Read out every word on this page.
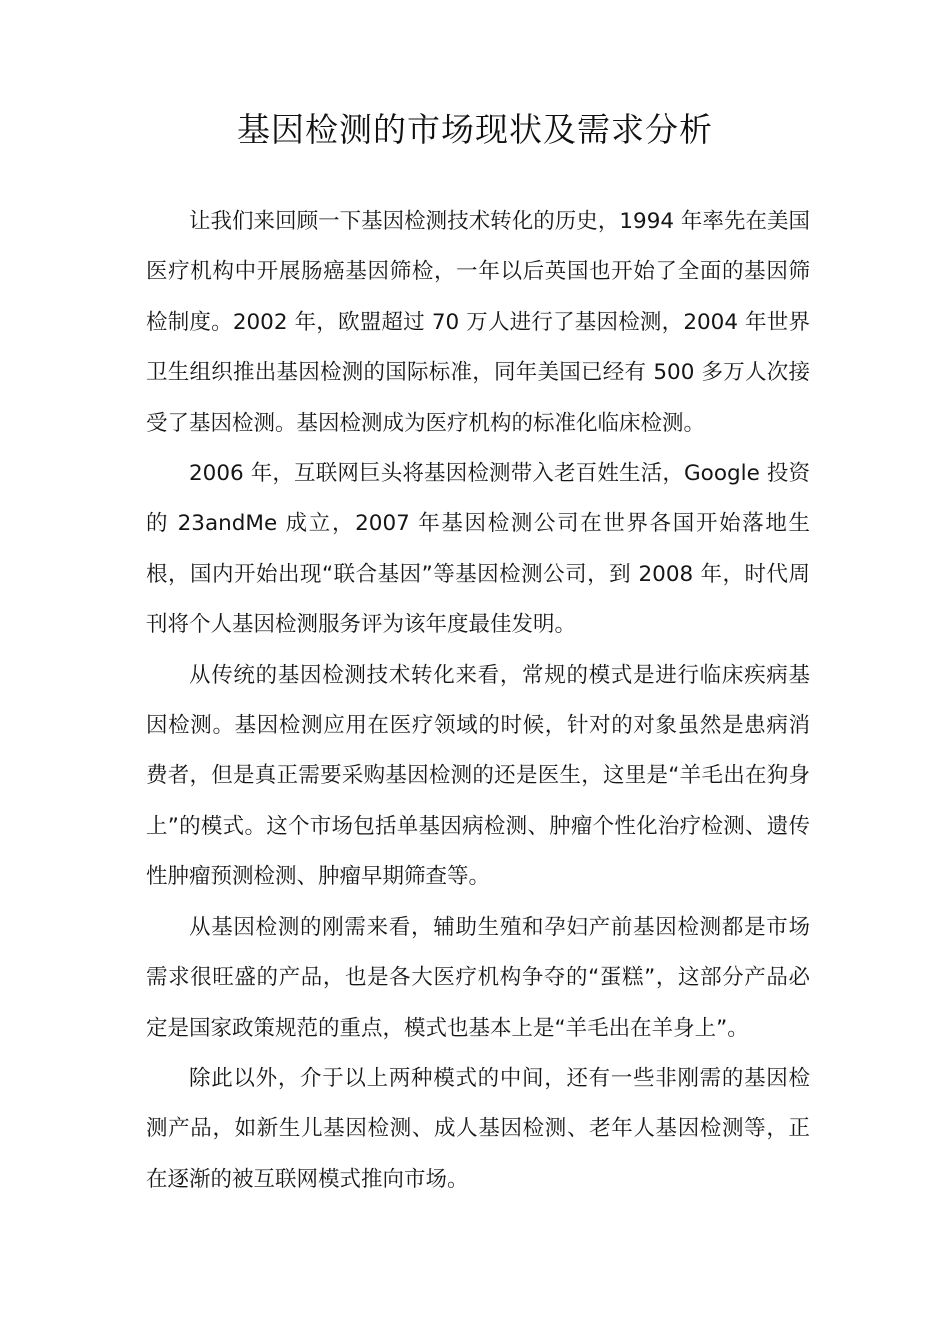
基因检测的市场现状及需求分析

让我们来回顾一下基因检测技术转化的历史，1994 年率先在美国医疗机构中开展肠癌基因筛检，一年以后英国也开始了全面的基因筛检制度。2002 年，欧盟超过 70 万人进行了基因检测，2004 年世界卫生组织推出基因检测的国际标准，同年美国已经有 500 多万人次接受了基因检测。基因检测成为医疗机构的标准化临床检测。

2006 年，互联网巨头将基因检测带入老百姓生活，Google 投资的 23andMe 成立，2007 年基因检测公司在世界各国开始落地生根，国内开始出现“联合基因”等基因检测公司，到 2008 年，时代周刊将个人基因检测服务评为该年度最佳发明。

从传统的基因检测技术转化来看，常规的模式是进行临床疾病基因检测。基因检测应用在医疗领域的时候，针对的对象虽然是患病消费者，但是真正需要采购基因检测的还是医生，这里是“羊毛出在狗身上”的模式。这个市场包括单基因病检测、肿瘤个性化治疗检测、遗传性肿瘤预测检测、肿瘤早期筛查等。

从基因检测的刚需来看，辅助生殖和孕妇产前基因检测都是市场需求很旺盛的产品，也是各大医疗机构争夺的“蛋糕”，这部分产品必定是国家政策规范的重点，模式也基本上是“羊毛出在羊身上”。

除此以外，介于以上两种模式的中间，还有一些非刚需的基因检测产品，如新生儿基因检测、成人基因检测、老年人基因检测等，正在逐渐的被互联网模式推向市场。
